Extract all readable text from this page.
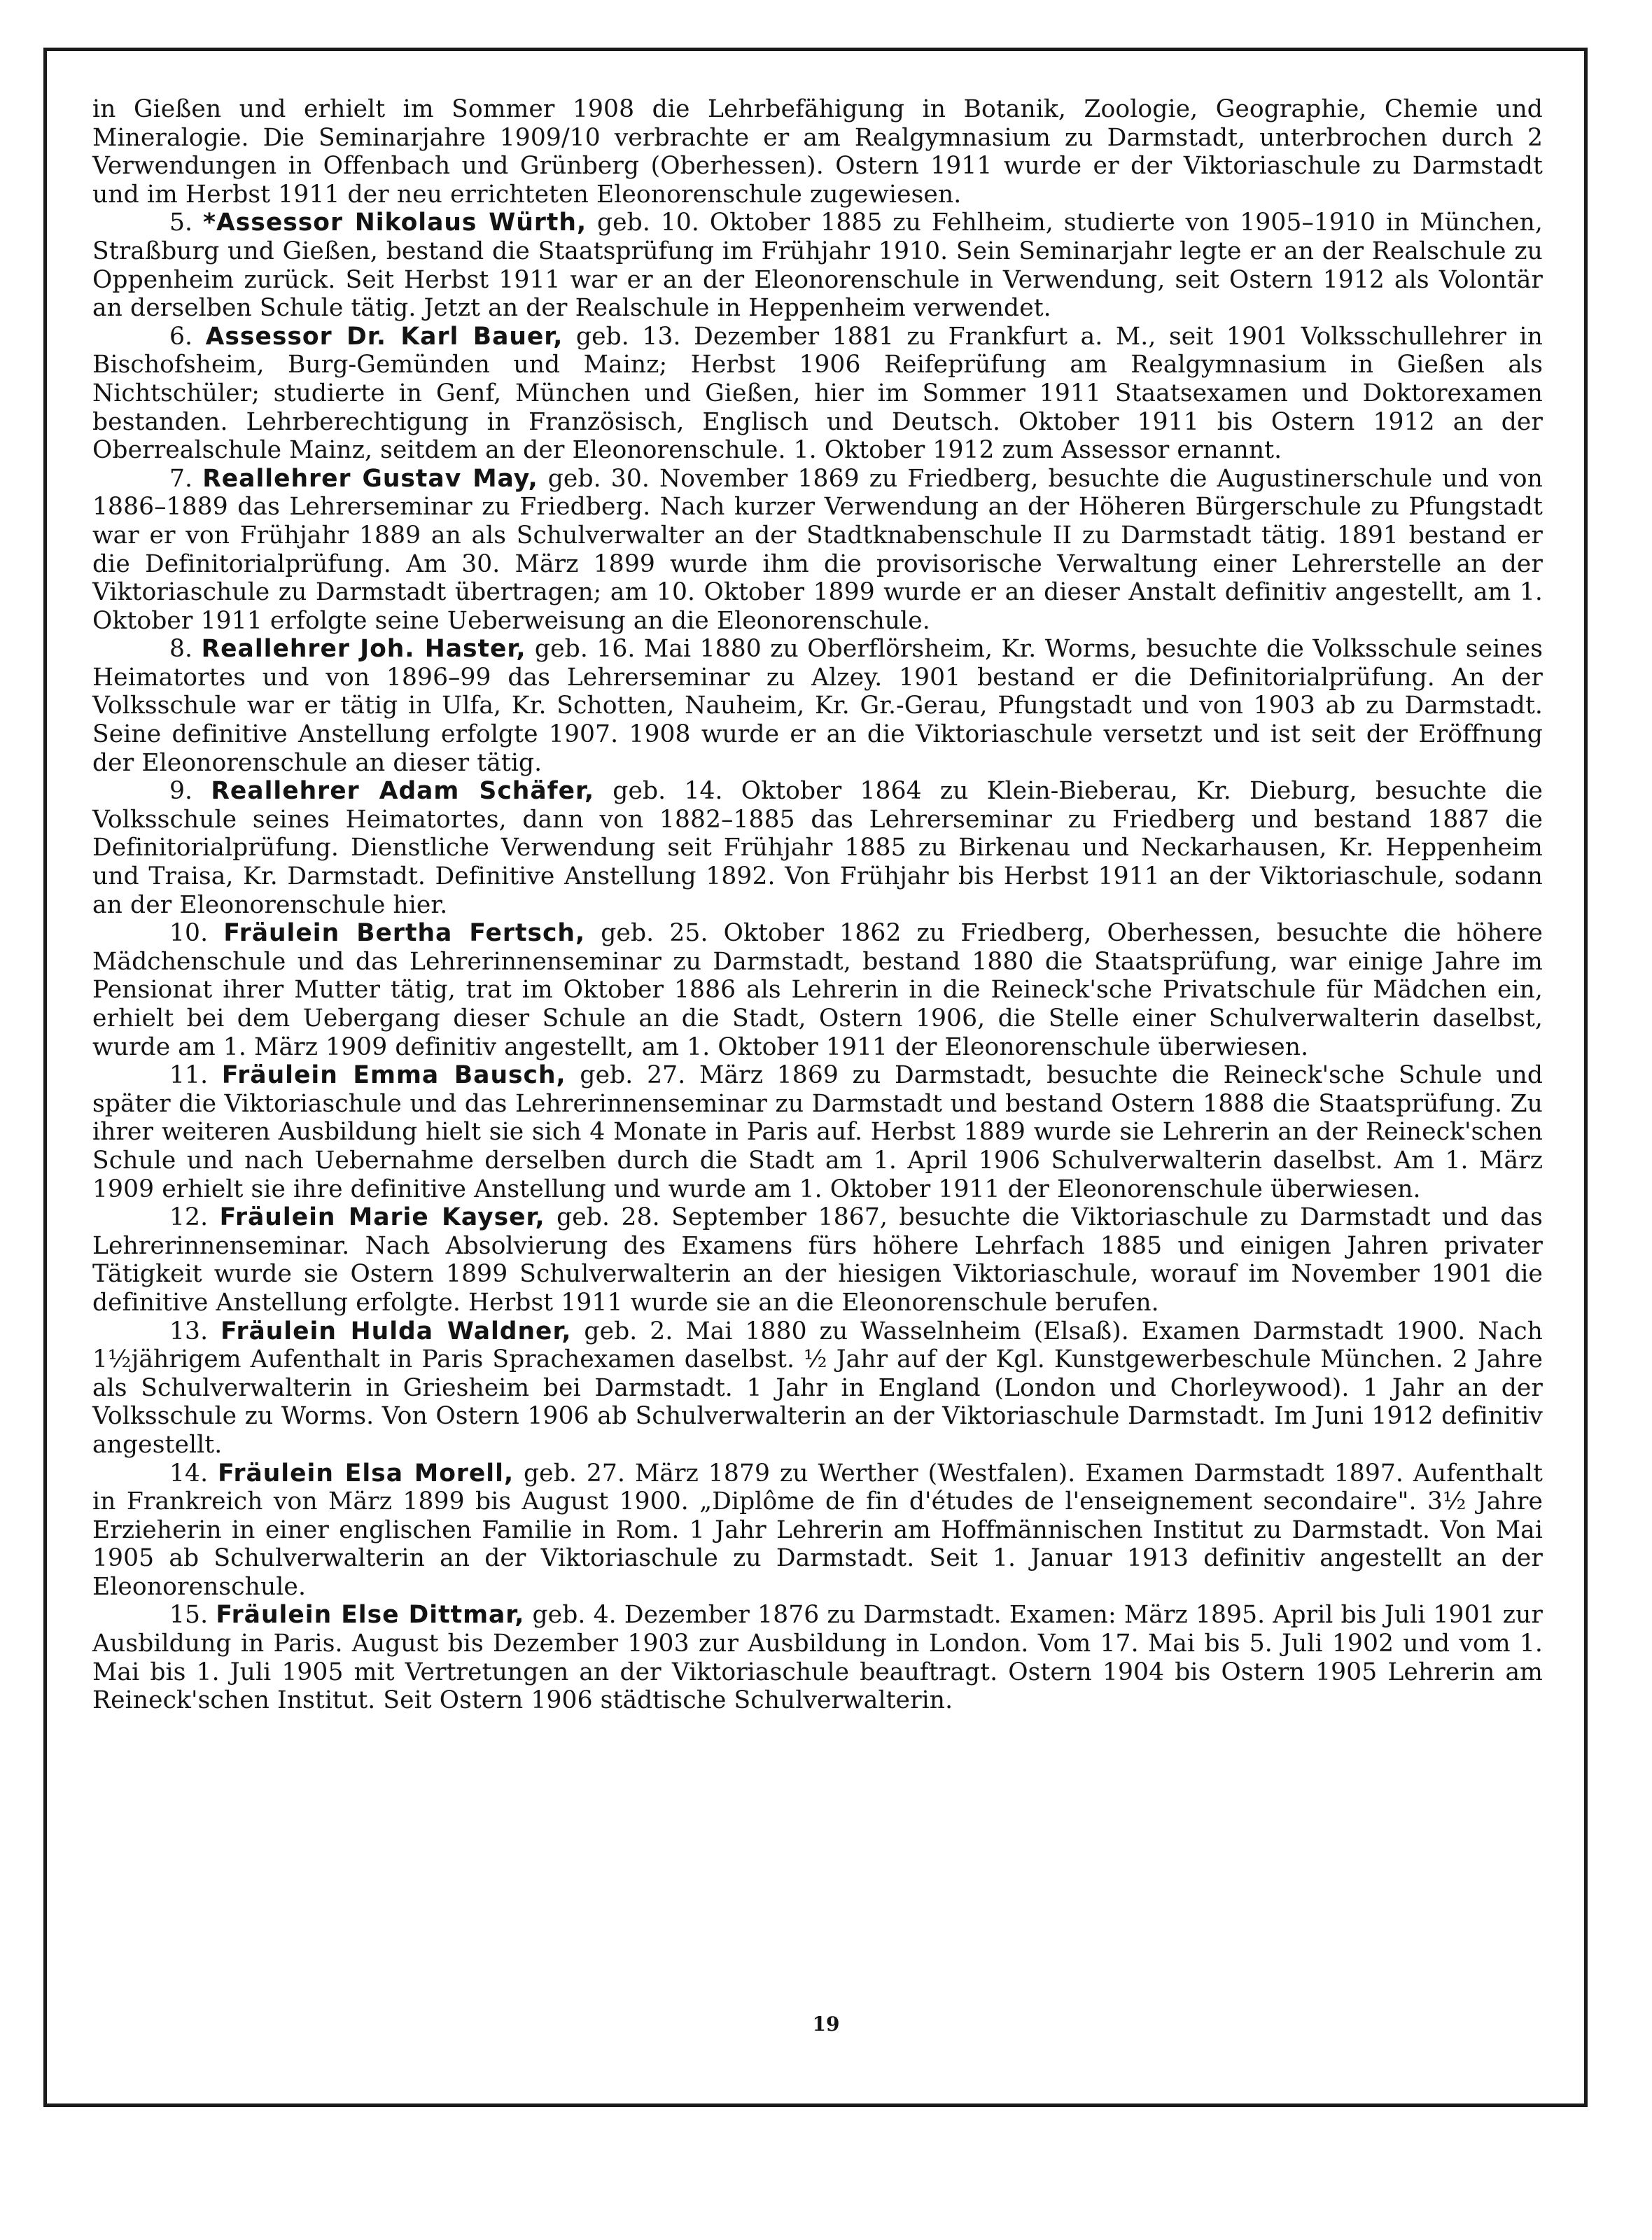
in Gießen und erhielt im Sommer 1908 die Lehrbefähigung in Botanik, Zoologie, Geographie, Chemie und Mineralogie. Die Seminarjahre 1909/10 verbrachte er am Realgymnasium zu Darmstadt, unterbrochen durch 2 Verwendungen in Offenbach und Grünberg (Oberhessen). Ostern 1911 wurde er der Viktoriaschule zu Darmstadt und im Herbst 1911 der neu errichteten Eleonorenschule zugewiesen.

5. *Assessor Nikolaus Würth, geb. 10. Oktober 1885 zu Fehlheim, studierte von 1905–1910 in München, Straßburg und Gießen, bestand die Staatsprüfung im Frühjahr 1910. Sein Seminarjahr legte er an der Realschule zu Oppenheim zurück. Seit Herbst 1911 war er an der Eleonorenschule in Verwendung, seit Ostern 1912 als Volontär an derselben Schule tätig. Jetzt an der Realschule in Heppenheim verwendet.

6. Assessor Dr. Karl Bauer, geb. 13. Dezember 1881 zu Frankfurt a. M., seit 1901 Volksschullehrer in Bischofsheim, Burg-Gemünden und Mainz; Herbst 1906 Reifeprüfung am Realgymnasium in Gießen als Nichtschüler; studierte in Genf, München und Gießen, hier im Sommer 1911 Staatsexamen und Doktorexamen bestanden. Lehrberechtigung in Französisch, Englisch und Deutsch. Oktober 1911 bis Ostern 1912 an der Oberrealschule Mainz, seitdem an der Eleonorenschule. 1. Oktober 1912 zum Assessor ernannt.

7. Reallehrer Gustav May, geb. 30. November 1869 zu Friedberg, besuchte die Augustinerschule und von 1886–1889 das Lehrerseminar zu Friedberg. Nach kurzer Verwendung an der Höheren Bürgerschule zu Pfungstadt war er von Frühjahr 1889 an als Schulverwalter an der Stadtknabenschule II zu Darmstadt tätig. 1891 bestand er die Definitorialprüfung. Am 30. März 1899 wurde ihm die provisorische Verwaltung einer Lehrerstelle an der Viktoriaschule zu Darmstadt übertragen; am 10. Oktober 1899 wurde er an dieser Anstalt definitiv angestellt, am 1. Oktober 1911 erfolgte seine Ueberweisung an die Eleonorenschule.

8. Reallehrer Joh. Haster, geb. 16. Mai 1880 zu Oberflörsheim, Kr. Worms, besuchte die Volksschule seines Heimatortes und von 1896–99 das Lehrerseminar zu Alzey. 1901 bestand er die Definitorialprüfung. An der Volksschule war er tätig in Ulfa, Kr. Schotten, Nauheim, Kr. Gr.-Gerau, Pfungstadt und von 1903 ab zu Darmstadt. Seine definitive Anstellung erfolgte 1907. 1908 wurde er an die Viktoriaschule versetzt und ist seit der Eröffnung der Eleonorenschule an dieser tätig.

9. Reallehrer Adam Schäfer, geb. 14. Oktober 1864 zu Klein-Bieberau, Kr. Dieburg, besuchte die Volksschule seines Heimatortes, dann von 1882–1885 das Lehrerseminar zu Friedberg und bestand 1887 die Definitorialprüfung. Dienstliche Verwendung seit Frühjahr 1885 zu Birkenau und Neckarhausen, Kr. Heppenheim und Traisa, Kr. Darmstadt. Definitive Anstellung 1892. Von Frühjahr bis Herbst 1911 an der Viktoriaschule, sodann an der Eleonorenschule hier.

10. Fräulein Bertha Fertsch, geb. 25. Oktober 1862 zu Friedberg, Oberhessen, besuchte die höhere Mädchenschule und das Lehrerinnenseminar zu Darmstadt, bestand 1880 die Staatsprüfung, war einige Jahre im Pensionat ihrer Mutter tätig, trat im Oktober 1886 als Lehrerin in die Reineck'sche Privatschule für Mädchen ein, erhielt bei dem Uebergang dieser Schule an die Stadt, Ostern 1906, die Stelle einer Schulverwalterin daselbst, wurde am 1. März 1909 definitiv angestellt, am 1. Oktober 1911 der Eleonorenschule überwiesen.

11. Fräulein Emma Bausch, geb. 27. März 1869 zu Darmstadt, besuchte die Reineck'sche Schule und später die Viktoriaschule und das Lehrerinnenseminar zu Darmstadt und bestand Ostern 1888 die Staatsprüfung. Zu ihrer weiteren Ausbildung hielt sie sich 4 Monate in Paris auf. Herbst 1889 wurde sie Lehrerin an der Reineck'schen Schule und nach Uebernahme derselben durch die Stadt am 1. April 1906 Schulverwalterin daselbst. Am 1. März 1909 erhielt sie ihre definitive Anstellung und wurde am 1. Oktober 1911 der Eleonorenschule überwiesen.

12. Fräulein Marie Kayser, geb. 28. September 1867, besuchte die Viktoriaschule zu Darmstadt und das Lehrerinnenseminar. Nach Absolvierung des Examens fürs höhere Lehrfach 1885 und einigen Jahren privater Tätigkeit wurde sie Ostern 1899 Schulverwalterin an der hiesigen Viktoriaschule, worauf im November 1901 die definitive Anstellung erfolgte. Herbst 1911 wurde sie an die Eleonorenschule berufen.

13. Fräulein Hulda Waldner, geb. 2. Mai 1880 zu Wasselnheim (Elsaß). Examen Darmstadt 1900. Nach 1½jährigem Aufenthalt in Paris Sprachexamen daselbst. ½ Jahr auf der Kgl. Kunstgewerbeschule München. 2 Jahre als Schulverwalterin in Griesheim bei Darmstadt. 1 Jahr in England (London und Chorleywood). 1 Jahr an der Volksschule zu Worms. Von Ostern 1906 ab Schulverwalterin an der Viktoriaschule Darmstadt. Im Juni 1912 definitiv angestellt.

14. Fräulein Elsa Morell, geb. 27. März 1879 zu Werther (Westfalen). Examen Darmstadt 1897. Aufenthalt in Frankreich von März 1899 bis August 1900. „Diplôme de fin d'études de l'enseignement secondaire". 3½ Jahre Erzieherin in einer englischen Familie in Rom. 1 Jahr Lehrerin am Hoffmännischen Institut zu Darmstadt. Von Mai 1905 ab Schulverwalterin an der Viktoriaschule zu Darmstadt. Seit 1. Januar 1913 definitiv angestellt an der Eleonorenschule.

15. Fräulein Else Dittmar, geb. 4. Dezember 1876 zu Darmstadt. Examen: März 1895. April bis Juli 1901 zur Ausbildung in Paris. August bis Dezember 1903 zur Ausbildung in London. Vom 17. Mai bis 5. Juli 1902 und vom 1. Mai bis 1. Juli 1905 mit Vertretungen an der Viktoriaschule beauftragt. Ostern 1904 bis Ostern 1905 Lehrerin am Reineck'schen Institut. Seit Ostern 1906 städtische Schulverwalterin.

19
